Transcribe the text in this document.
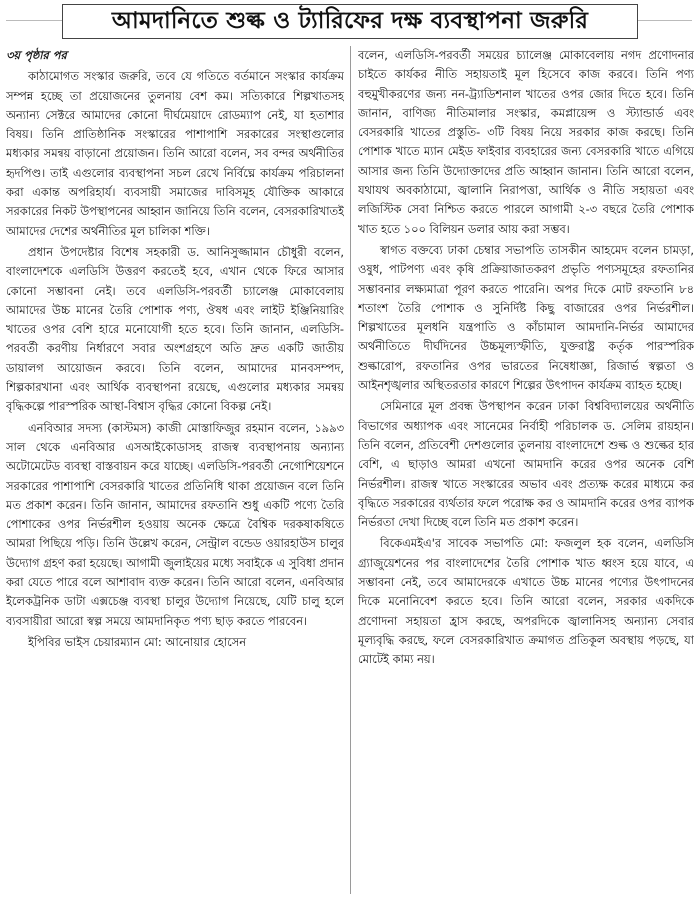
আমদানিতে শুল্ক ও ট্যারিফের দক্ষ ব্যবস্থাপনা জরুরি

৩য় পৃষ্ঠার পর

কাঠামোগত সংস্কার জরুরি, তবে যে গতিতে বর্তমানে সংস্কার কার্যক্রম সম্পন্ন হচ্ছে তা প্রয়োজনের তুলনায় বেশ কম। সত্যিকারে শিল্পখাতসহ অন্যান্য সেক্টরে আমাদের কোনো দীর্ঘমেয়াদে রোডম্যাপ নেই, যা হতাশার বিষয়। তিনি প্রাতিষ্ঠানিক সংস্কারের পাশাপাশি সরকারের সংস্থাগুলোর মধ্যকার সমন্বয় বাড়ানো প্রয়োজন। তিনি আরো বলেন, সব বন্দর অর্থনীতির হৃদপিণ্ড। তাই এগুলোর ব্যবস্থাপনা সচল রেখে নির্বিঘ্নে কার্যক্রম পরিচালনা করা একান্ত অপরিহার্য। ব্যবসায়ী সমাজের দাবিসমূহ যৌক্তিক আকারে সরকারের নিকট উপস্থাপনের আহ্বান জানিয়ে তিনি বলেন, বেসরকারিখাতই আমাদের দেশের অর্থনীতির মূল চালিকা শক্তি।

প্রধান উপদেষ্টার বিশেষ সহকারী ড. আনিসুজ্জামান চৌধুরী বলেন, বাংলাদেশকে এলডিসি উত্তরণ করতেই হবে, এখান থেকে ফিরে আসার কোনো সম্ভাবনা নেই। তবে এলডিসি-পরবর্তী চ্যালেঞ্জ মোকাবেলায় আমাদের উচ্চ মানের তৈরি পোশাক পণ্য, ঔষধ এবং লাইট ইঞ্জিনিয়ারিং খাতের ওপর বেশি হারে মনোযোগী হতে হবে। তিনি জানান, এলডিসি-পরবর্তী করণীয় নির্ধারণে সবার অংশগ্রহণে অতি দ্রুত একটি জাতীয় ডায়ালগ আয়োজন করবে। তিনি বলেন, আমাদের মানবসম্পদ, শিল্পকারখানা এবং আর্থিক ব্যবস্থাপনা রয়েছে, এগুলোর মধ্যকার সমন্বয় বৃদ্ধিকল্পে পারস্পরিক আস্থা-বিশ্বাস বৃদ্ধির কোনো বিকল্প নেই।

এনবিআর সদস্য (কাস্টমস) কাজী মোস্তাফিজুর রহমান বলেন, ১৯৯৩ সাল থেকে এনবিআর এসআইকোডাসহ রাজস্ব ব্যবস্থাপনায় অন্যান্য অটোমেটেড ব্যবস্থা বাস্তবায়ন করে যাচ্ছে। এলডিসি-পরবর্তী নেগোশিয়েশনে সরকারের পাশাপাশি বেসরকারি খাতের প্রতিনিধি থাকা প্রয়োজন বলে তিনি মত প্রকাশ করেন। তিনি জানান, আমাদের রফতানি শুধু একটি পণ্যে তৈরি পোশাকের ওপর নির্ভরশীল হওয়ায় অনেক ক্ষেত্রে বৈশ্বিক দরকষাকষিতে আমরা পিছিয়ে পড়ি। তিনি উল্লেখ করেন, সেন্ট্রাল বন্ডেড ওয়ারহাউস চালুর উদ্যোগ গ্রহণ করা হয়েছে। আগামী জুলাইয়ের মধ্যে সবাইকে এ সুবিধা প্রদান করা যেতে পারে বলে আশাবাদ ব্যক্ত করেন। তিনি আরো বলেন, এনবিআর ইলেকট্রনিক ডাটা এক্সচেঞ্জ ব্যবস্থা চালুর উদ্যোগ নিয়েছে, যেটি চালু হলে ব্যবসায়ীরা আরো স্বল্প সময়ে আমদানিকৃত পণ্য ছাড় করতে পারবেন।

ইপিবির ভাইস চেয়ারম্যান মো: আনোয়ার হোসেন

বলেন, এলডিসি-পরবর্তী সময়ের চ্যালেঞ্জ মোকাবেলায় নগদ প্রণোদনার চাইতে কার্যকর নীতি সহায়তাই মূল হিসেবে কাজ করবে। তিনি পণ্য বহুমুখীকরণের জন্য নন-ট্র্যাডিশনাল খাতের ওপর জোর দিতে হবে। তিনি জানান, বাণিজ্য নীতিমালার সংস্কার, কমপ্লায়েন্স ও স্ট্যান্ডার্ড এবং বেসরকারি খাতের প্রস্তুতি- ৩টি বিষয় নিয়ে সরকার কাজ করছে। তিনি পোশাক খাতে ম্যান মেইড ফাইবার ব্যবহারের জন্য বেসরকারি খাতে এগিয়ে আসার জন্য তিনি উদ্যোক্তাদের প্রতি আহ্বান জানান। তিনি আরো বলেন, যথাযথ অবকাঠামো, জ্বালানি নিরাপত্তা, আর্থিক ও নীতি সহায়তা এবং লজিস্টিক সেবা নিশ্চিত করতে পারলে আগামী ২-৩ বছরে তৈরি পোশাক খাত হতে ১০০ বিলিয়ন ডলার আয় করা সম্ভব।

স্বাগত বক্তব্যে ঢাকা চেম্বার সভাপতি তাসকীন আহমেদ বলেন চামড়া, ওষুধ, পাটপণ্য এবং কৃষি প্রক্রিয়াজাতকরণ প্রভৃতি পণ্যসমূহের রফতানির সম্ভাবনার লক্ষ্যমাত্রা পূরণ করতে পারেনি। অপর দিকে মোট রফতানি ৮৪ শতাংশ তৈরি পোশাক ও সুনির্দিষ্ট কিছু বাজারের ওপর নির্ভরশীল। শিল্পখাতের মূলধনি যন্ত্রপাতি ও কাঁচামাল আমদানি-নির্ভর আমাদের অর্থনীতিতে দীর্ঘদিনের উচ্চমূল্যস্ফীতি, যুক্তরাষ্ট্র কর্তৃক পারস্পরিক শুল্কারোপ, রফতানির ওপর ভারতের নিষেধাজ্ঞা, রিজার্ভ স্বল্পতা ও আইনশৃঙ্খলার অস্থিতরতার কারণে শিল্পের উৎপাদন কার্যক্রম ব্যাহত হচ্ছে।

সেমিনারে মূল প্রবন্ধ উপস্থাপন করেন ঢাকা বিশ্ববিদ্যালয়ের অর্থনীতি বিভাগের অধ্যাপক এবং সানেমের নির্বাহী পরিচালক ড. সেলিম রায়হান। তিনি বলেন, প্রতিবেশী দেশগুলোর তুলনায় বাংলাদেশে শুল্ক ও শুল্কের হার বেশি, এ ছাড়াও আমরা এখনো আমদানি করের ওপর অনেক বেশি নির্ভরশীল। রাজস্ব খাতে সংস্কারের অভাব এবং প্রত্যক্ষ করের মাধ্যমে কর বৃদ্ধিতে সরকারের ব্যর্থতার ফলে পরোক্ষ কর ও আমদানি করের ওপর ব্যাপক নির্ভরতা দেখা দিচ্ছে বলে তিনি মত প্রকাশ করেন।

বিকেএমইএ'র সাবেক সভাপতি মো: ফজলুল হক বলেন, এলডিসি গ্র্যাজুয়েশনের পর বাংলাদেশের তৈরি পোশাক খাত ধ্বংস হয়ে যাবে, এ সম্ভাবনা নেই, তবে আমাদেরকে এখাতে উচ্চ মানের পণ্যের উৎপাদনের দিকে মনোনিবেশ করতে হবে। তিনি আরো বলেন, সরকার একদিকে প্রণোদনা সহায়তা হ্রাস করছে, অপরদিকে জ্বালানিসহ অন্যান্য সেবার মূল্যবৃদ্ধি করছে, ফলে বেসরকারিখাত ক্রমাগত প্রতিকূল অবস্থায় পড়ছে, যা মোটেই কাম্য নয়।
